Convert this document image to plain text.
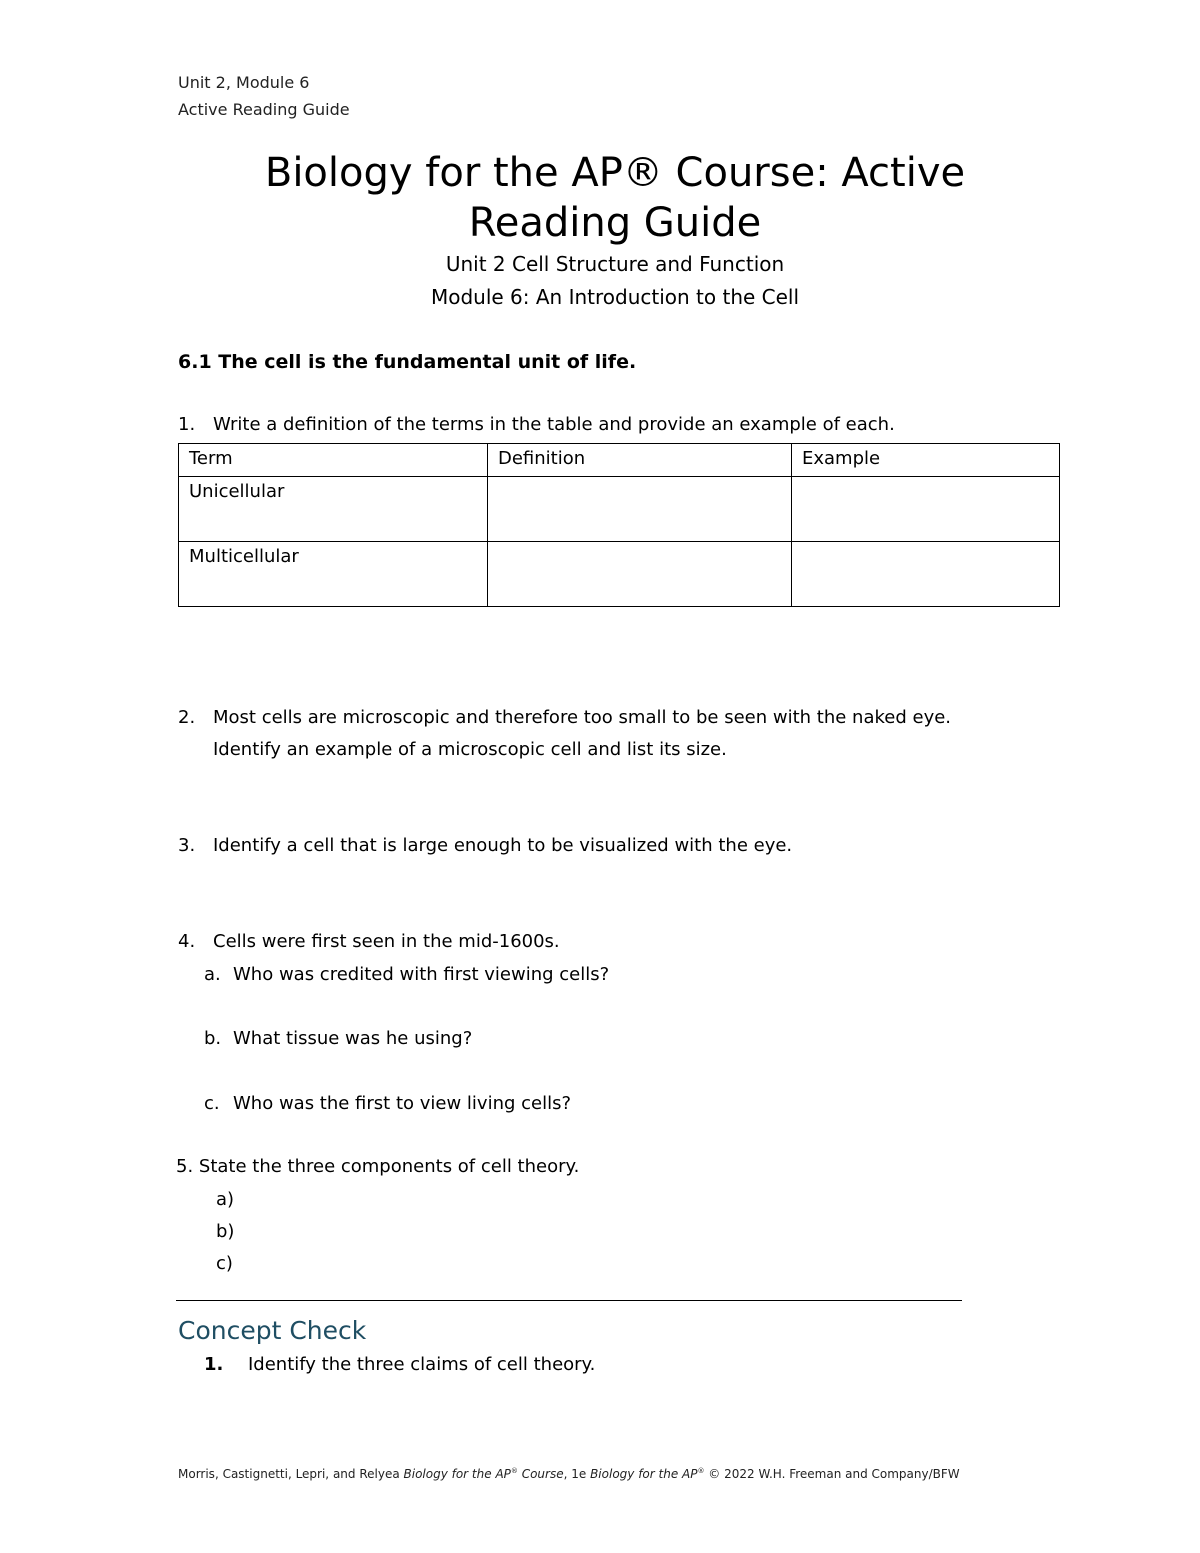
Unit 2, Module 6
Active Reading Guide
Biology for the AP® Course: Active
Reading Guide
Unit 2 Cell Structure and Function
Module 6: An Introduction to the Cell
6.1 The cell is the fundamental unit of life.
1. Write a definition of the terms in the table and provide an example of each.
Term	Definition	Example
Unicellular		
Multicellular		
2. Most cells are microscopic and therefore too small to be seen with the naked eye.
Identify an example of a microscopic cell and list its size.
3. Identify a cell that is large enough to be visualized with the eye.
4. Cells were first seen in the mid-1600s.
a. Who was credited with first viewing cells?
b. What tissue was he using?
c. Who was the first to view living cells?
5. State the three components of cell theory.
a)
b)
c)
Concept Check
1. Identify the three claims of cell theory.
Morris, Castignetti, Lepri, and Relyea Biology for the AP® Course, 1e Biology for the AP® © 2022 W.H. Freeman and Company/BFW
